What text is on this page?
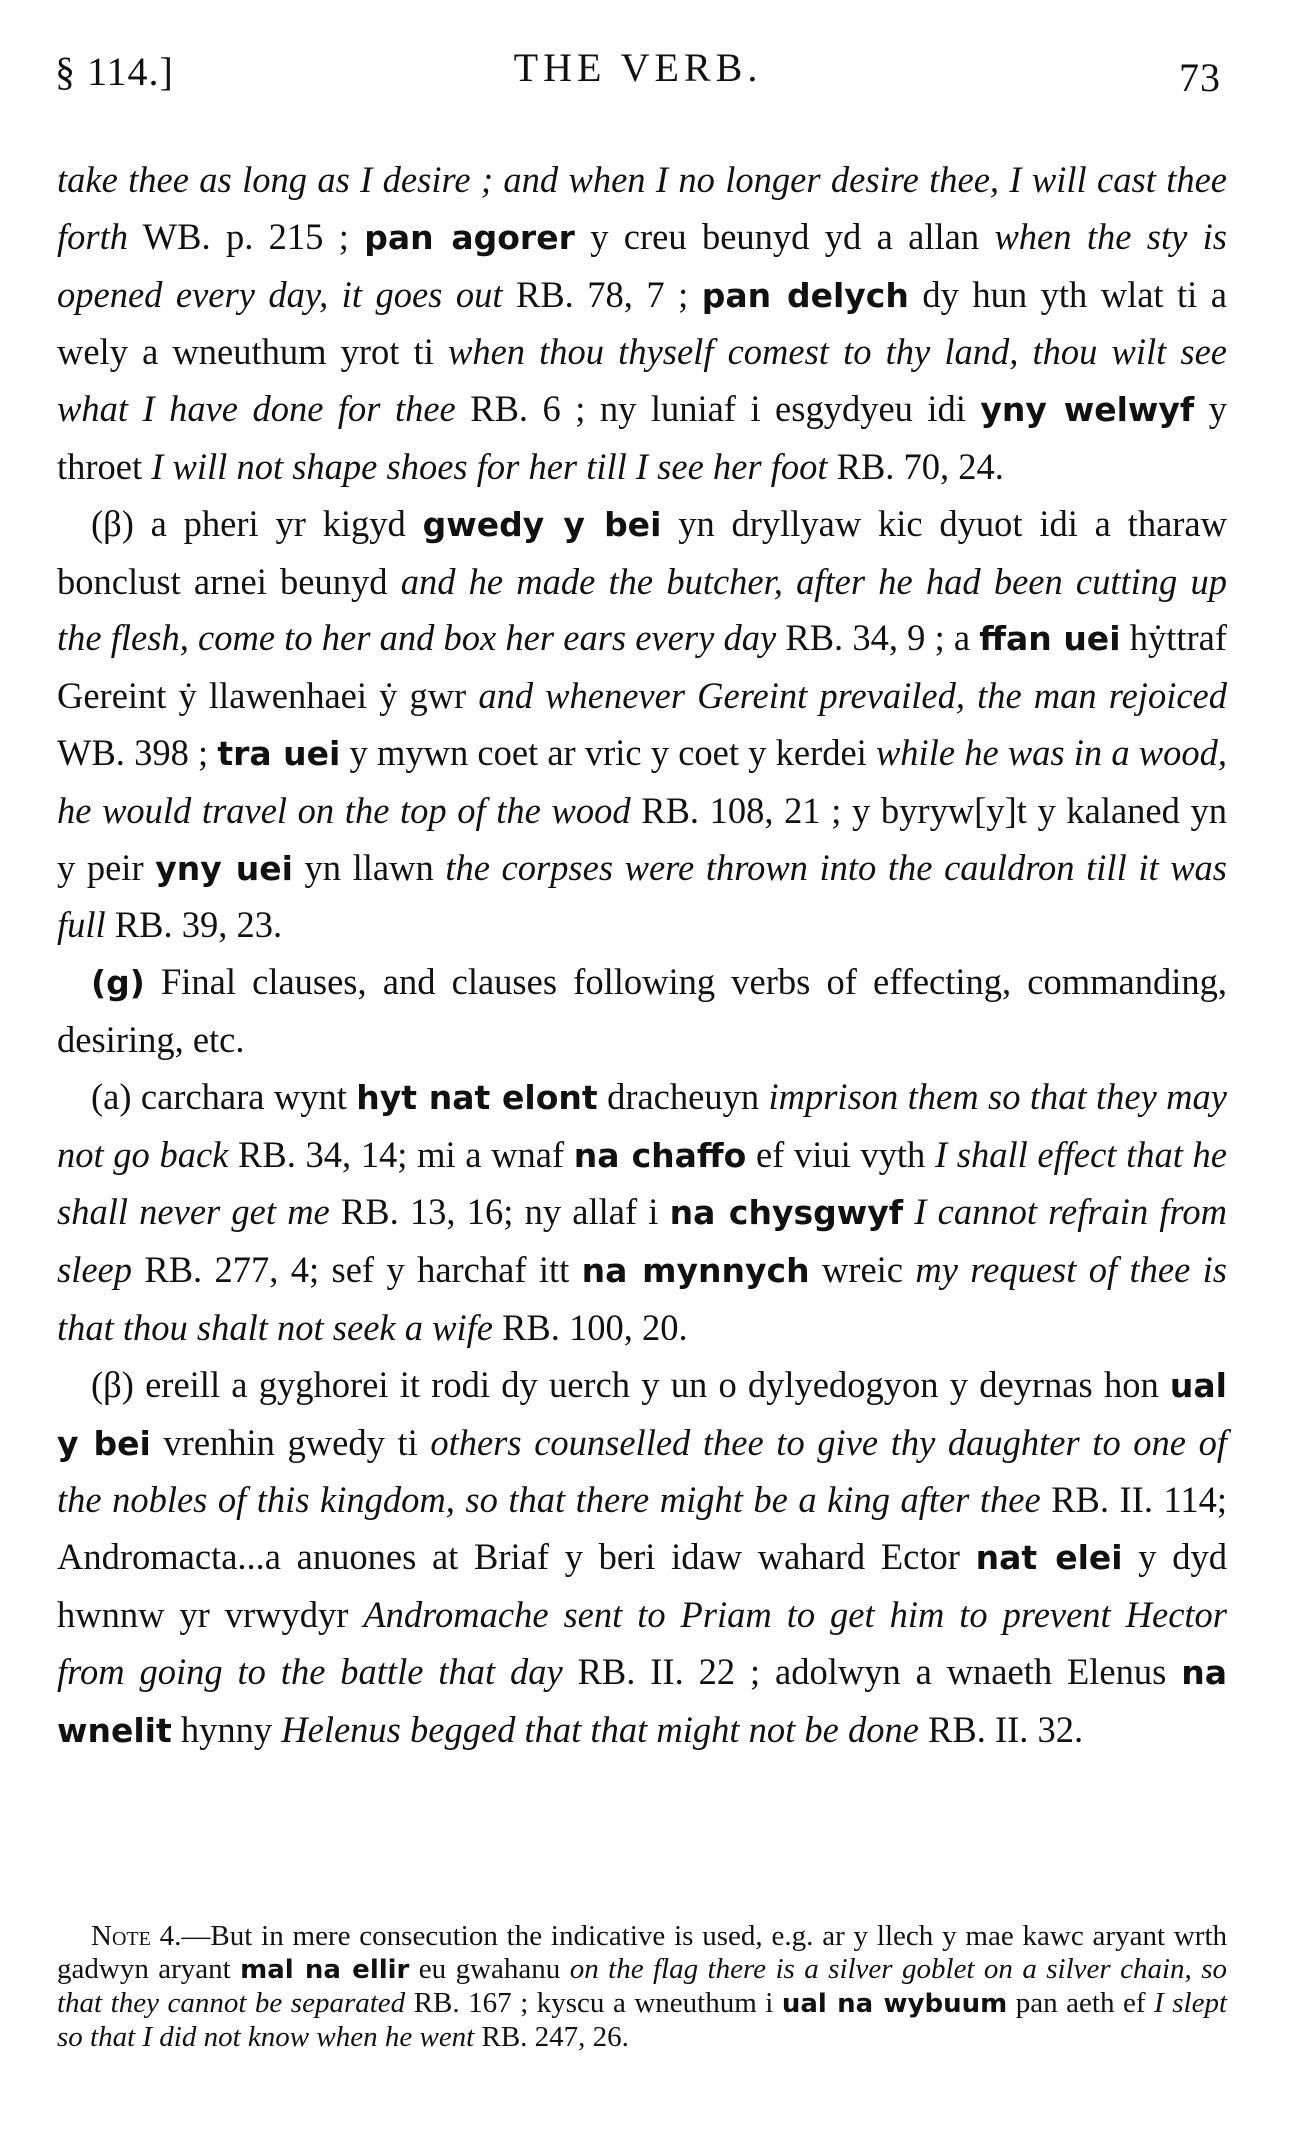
§ 114.]	THE VERB.	73

take thee as long as I desire ; and when I no longer desire thee, I will cast thee forth WB. p. 215 ; pan agorer y creu beunyd yd a allan when the sty is opened every day, it goes out RB. 78, 7 ; pan delych dy hun yth wlat ti a wely a wneuthum yrot ti when thou thyself comest to thy land, thou wilt see what I have done for thee RB. 6 ; ny luniaf i esgydyeu idi yny welwyf y throet I will not shape shoes for her till I see her foot RB. 70, 24.

(β) a pheri yr kigyd gwedy y bei yn dryllyaw kic dyuot idi a tharaw bonclust arnei beunyd and he made the butcher, after he had been cutting up the flesh, come to her and box her ears every day RB. 34, 9 ; a ffan uei hẏttraf Gereint ẏ llawenhaei ẏ gwr and whenever Gereint prevailed, the man rejoiced WB. 398 ; tra uei y mywn coet ar vric y coet y kerdei while he was in a wood, he would travel on the top of the wood RB. 108, 21 ; y byryw[y]t y kalaned yn y peir yny uei yn llawn the corpses were thrown into the cauldron till it was full RB. 39, 23.

(g) Final clauses, and clauses following verbs of effecting, commanding, desiring, etc.

(a) carchara wynt hyt nat elont dracheuyn imprison them so that they may not go back RB. 34, 14; mi a wnaf na chaffo ef viui vyth I shall effect that he shall never get me RB. 13, 16; ny allaf i na chysgwyf I cannot refrain from sleep RB. 277, 4; sef y harchaf itt na mynnych wreic my request of thee is that thou shalt not seek a wife RB. 100, 20.

(β) ereill a gyghorei it rodi dy uerch y un o dylyedogyon y deyrnas hon ual y bei vrenhin gwedy ti others counselled thee to give thy daughter to one of the nobles of this kingdom, so that there might be a king after thee RB. II. 114; Andromacta...a anuones at Briaf y beri idaw wahard Ector nat elei y dyd hwnnw yr vrwydyr Andromache sent to Priam to get him to prevent Hector from going to the battle that day RB. II. 22 ; adolwyn a wnaeth Elenus na wnelit hynny Helenus begged that that might not be done RB. II. 32.

Note 4.—But in mere consecution the indicative is used, e.g. ar y llech y mae kawc aryant wrth gadwyn aryant mal na ellir eu gwahanu on the flag there is a silver goblet on a silver chain, so that they cannot be separated RB. 167 ; kyscu a wneuthum i ual na wybuum pan aeth ef I slept so that I did not know when he went RB. 247, 26.
